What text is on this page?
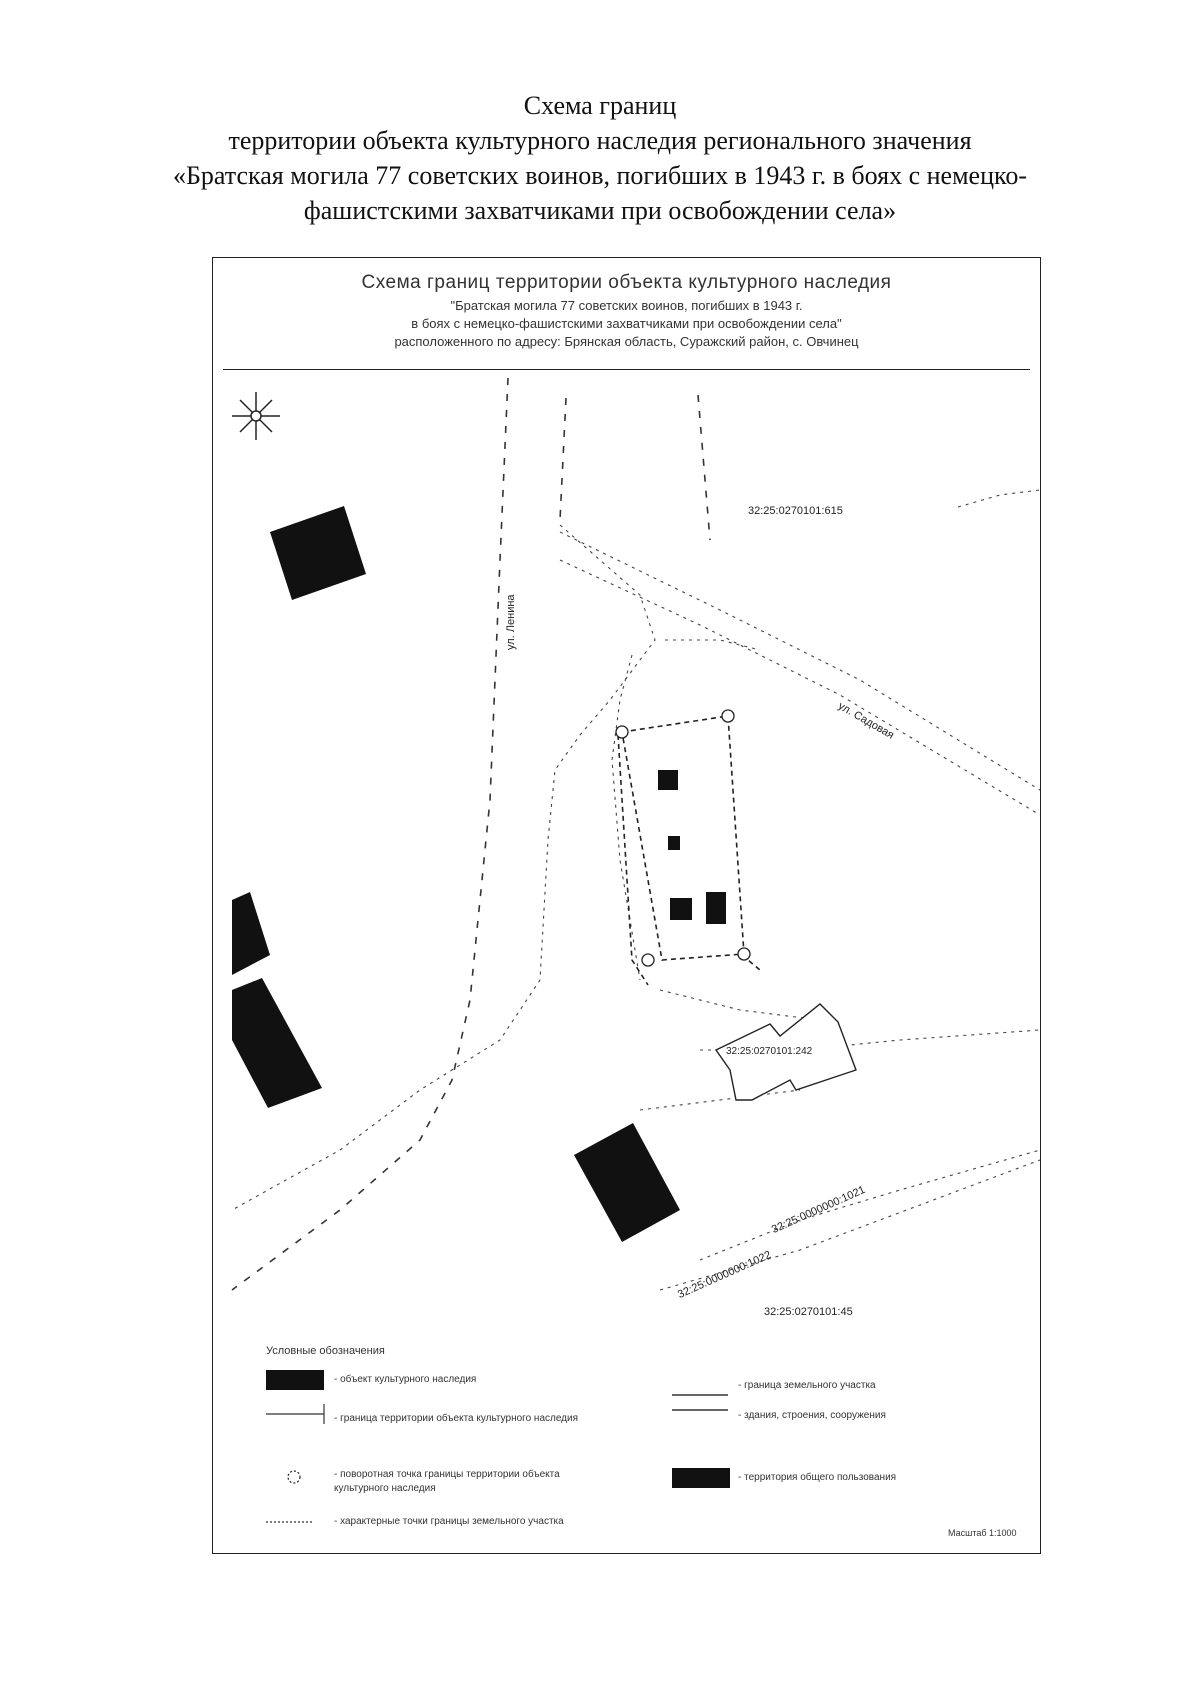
Схема границ
территории объекта культурного наследия регионального значения
«Братская могила 77 советских воинов, погибших в 1943 г. в боях с немецко-
фашистскими захватчиками при освобождении села»
Схема границ территории объекта культурного наследия
"Братская могила 77 советских воинов, погибших в 1943 г.
в боях с немецко-фашистскими захватчиками при освобождении села"
расположенного по адресу: Брянская область, Суражский район, с. Овчинец
32:25:0270101:615
32:25:0270101:242
32:25:0270101:45
ул. Ленина
ул. Садовая
32:25:0000000:1021
32:25:0000000:1022
Условные обозначения
- объект культурного наследия
- граница территории объекта культурного наследия
- поворотная точка границы территории объекта культурного наследия
- характерные точки границы земельного участка
- граница земельного участка
- здания, строения, сооружения
- территория общего пользования
Масштаб 1:1000
